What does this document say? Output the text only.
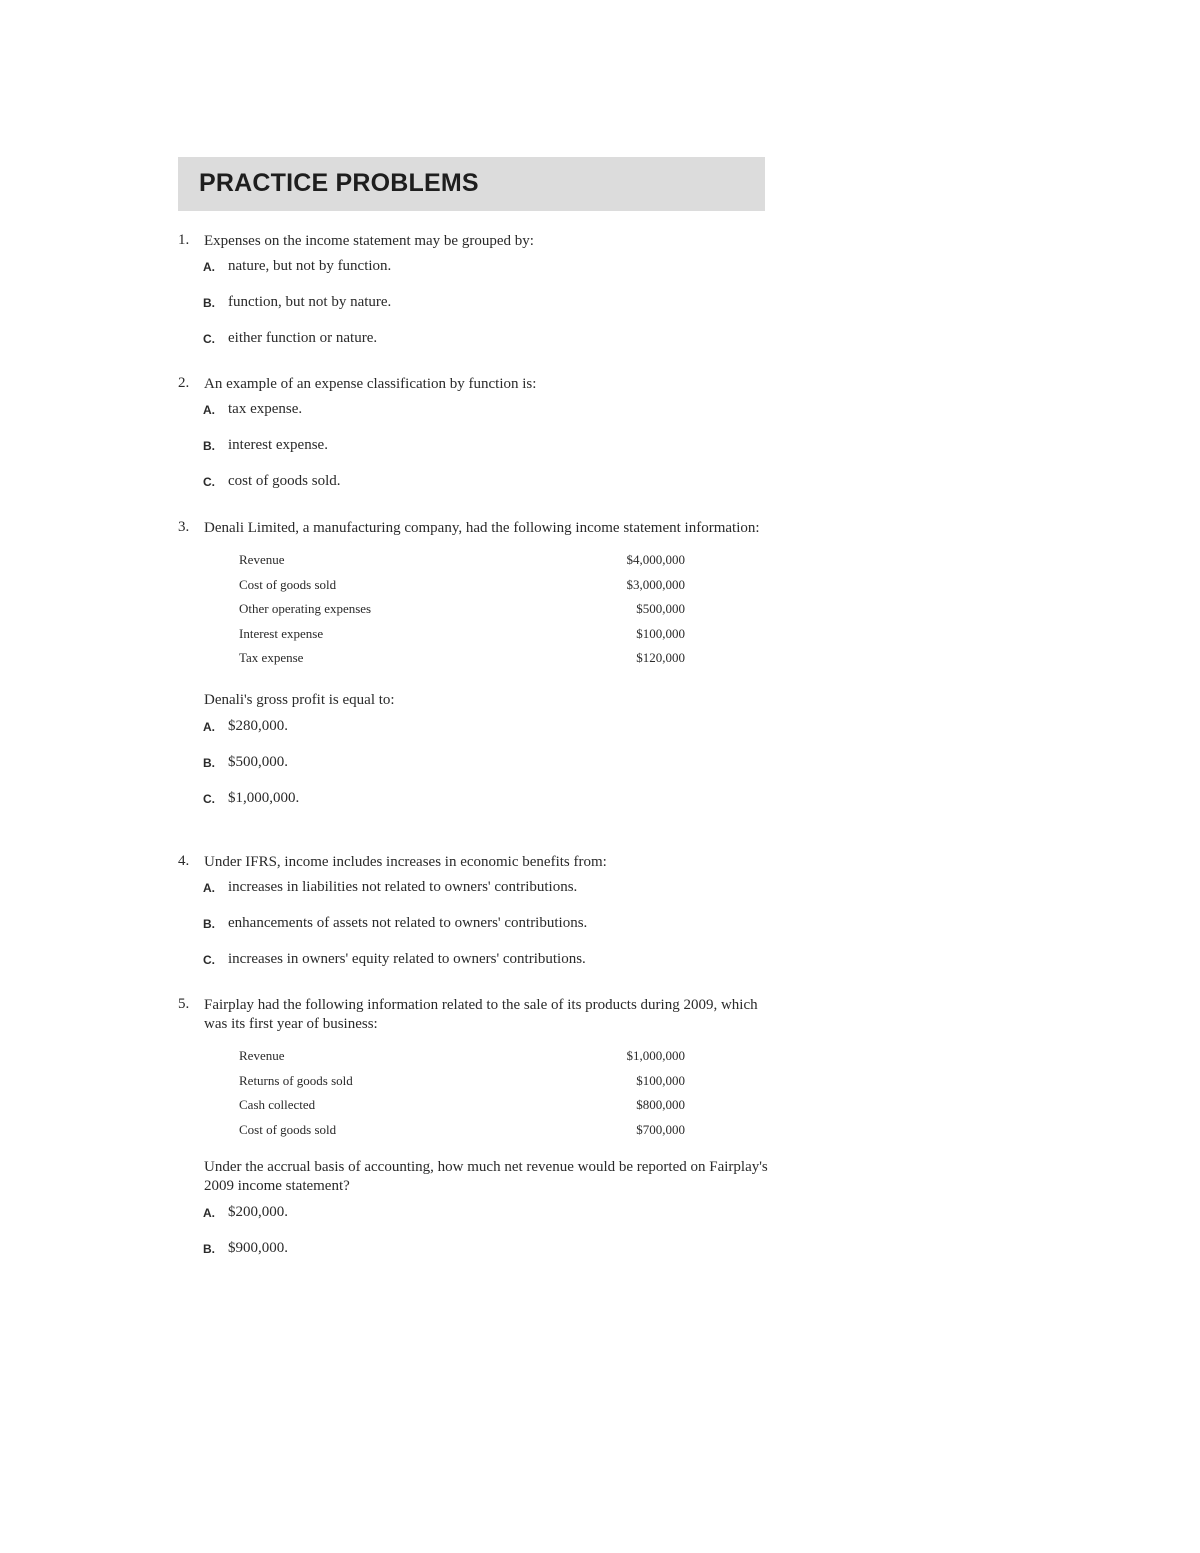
PRACTICE PROBLEMS
1. Expenses on the income statement may be grouped by:
A. nature, but not by function.
B. function, but not by nature.
C. either function or nature.
2. An example of an expense classification by function is:
A. tax expense.
B. interest expense.
C. cost of goods sold.
3. Denali Limited, a manufacturing company, had the following income statement information:
Revenue	$4,000,000
Cost of goods sold	$3,000,000
Other operating expenses	$500,000
Interest expense	$100,000
Tax expense	$120,000
Denali's gross profit is equal to:
A. $280,000.
B. $500,000.
C. $1,000,000.
4. Under IFRS, income includes increases in economic benefits from:
A. increases in liabilities not related to owners' contributions.
B. enhancements of assets not related to owners' contributions.
C. increases in owners' equity related to owners' contributions.
5. Fairplay had the following information related to the sale of its products during 2009, which was its first year of business:
Revenue	$1,000,000
Returns of goods sold	$100,000
Cash collected	$800,000
Cost of goods sold	$700,000
Under the accrual basis of accounting, how much net revenue would be reported on Fairplay's 2009 income statement?
A. $200,000.
B. $900,000.
